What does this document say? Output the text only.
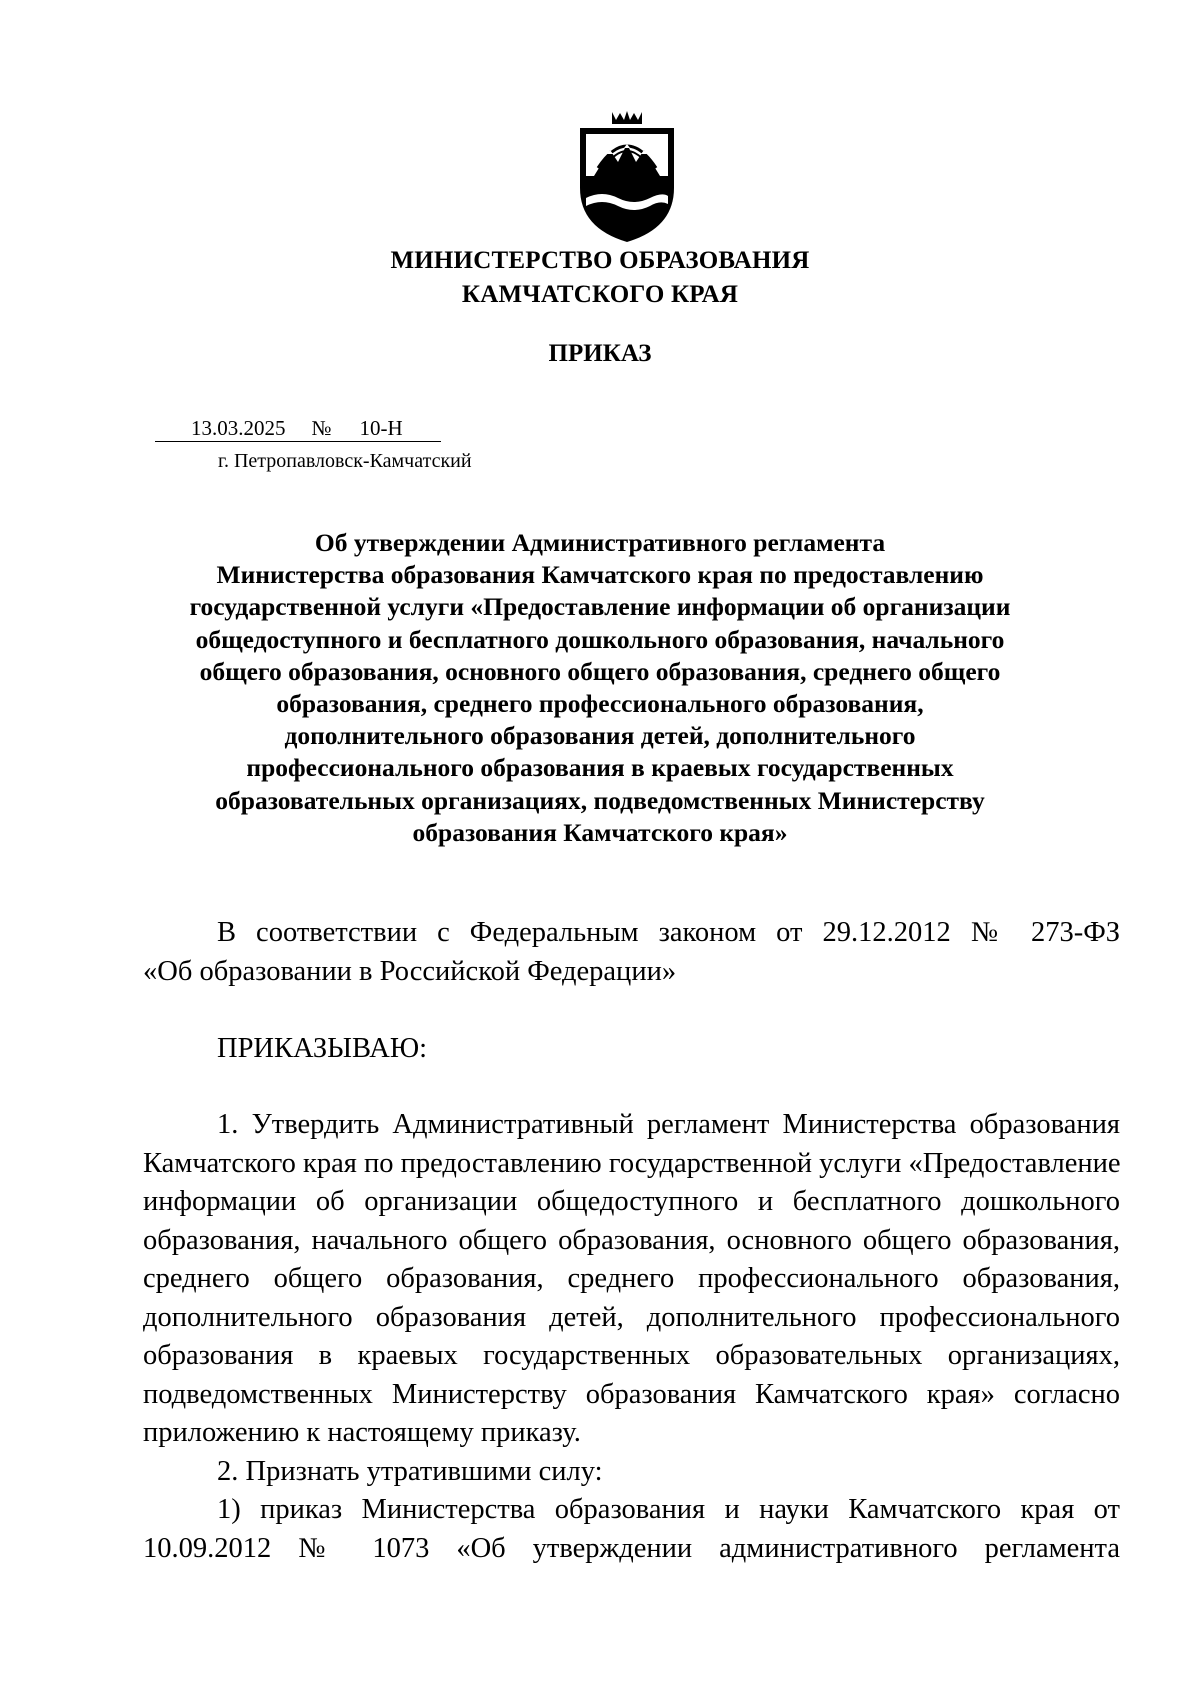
МИНИСТЕРСТВО ОБРАЗОВАНИЯ
КАМЧАТСКОГО КРАЯ
ПРИКАЗ
13.03.2025 № 10-Н
г. Петропавловск-Камчатский
Об утверждении Административного регламента
Министерства образования Камчатского края по предоставлению
государственной услуги «Предоставление информации об организации
общедоступного и бесплатного дошкольного образования, начального
общего образования, основного общего образования, среднего общего
образования, среднего профессионального образования,
дополнительного образования детей, дополнительного
профессионального образования в краевых государственных
образовательных организациях, подведомственных Министерству
образования Камчатского края»
В соответствии с Федеральным законом от 29.12.2012 № 273-ФЗ
«Об образовании в Российской Федерации»
ПРИКАЗЫВАЮ:
1. Утвердить Административный регламент Министерства образования
Камчатского края по предоставлению государственной услуги «Предоставление
информации об организации общедоступного и бесплатного дошкольного
образования, начального общего образования, основного общего образования,
среднего общего образования, среднего профессионального образования,
дополнительного образования детей, дополнительного профессионального
образования в краевых государственных образовательных организациях,
подведомственных Министерству образования Камчатского края» согласно
приложению к настоящему приказу.
2. Признать утратившими силу:
1) приказ Министерства образования и науки Камчатского края от
10.09.2012 № 1073 «Об утверждении административного регламента
